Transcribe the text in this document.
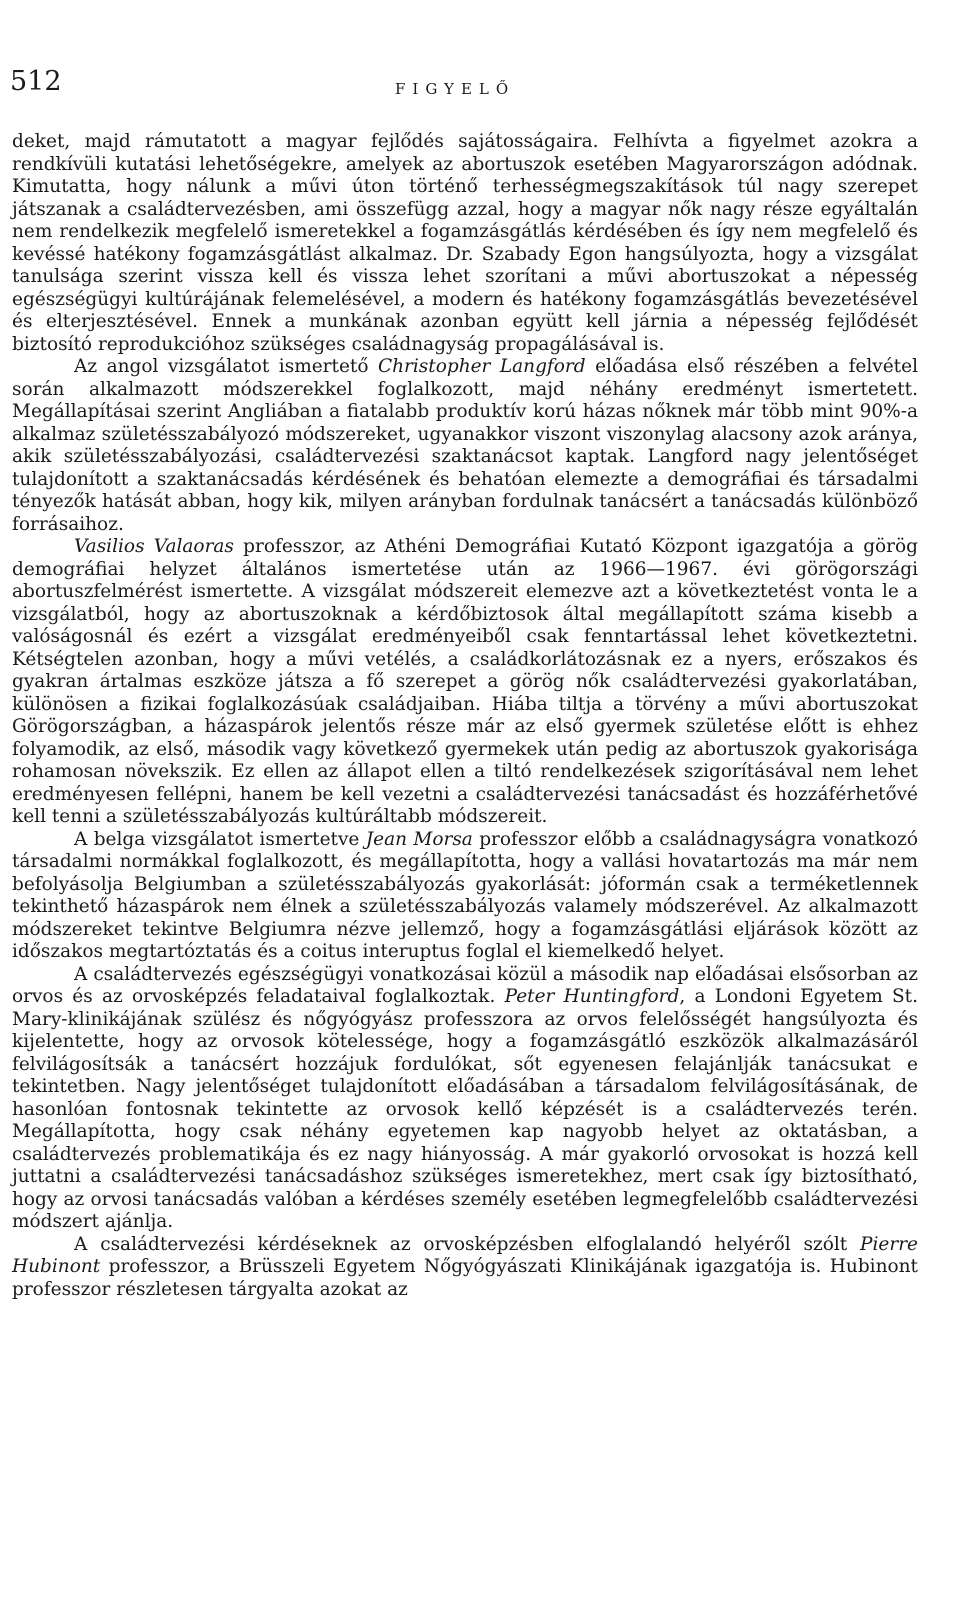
512	FIGYELŐ

deket, majd rámutatott a magyar fejlődés sajátosságaira. Felhívta a figyelmet azokra a rendkívüli kutatási lehetőségekre, amelyek az abortuszok esetében Magyarországon adódnak. Kimutatta, hogy nálunk a művi úton történő terhességmegszakítások túl nagy szerepet játszanak a családtervezésben, ami összefügg azzal, hogy a magyar nők nagy része egyáltalán nem rendelkezik megfelelő ismeretekkel a fogamzásgátlás kérdésében és így nem megfelelő és kevéssé hatékony fogamzásgátlást alkalmaz. Dr. Szabady Egon hangsúlyozta, hogy a vizsgálat tanulsága szerint vissza kell és vissza lehet szorítani a művi abortuszokat a népesség egészségügyi kultúrájának felemelésével, a modern és hatékony fogamzásgátlás bevezetésével és elterjesztésével. Ennek a munkának azonban együtt kell járnia a népesség fejlődését biztosító reprodukcióhoz szükséges családnagyság propagálásával is.

Az angol vizsgálatot ismertető Christopher Langford előadása első részében a felvétel során alkalmazott módszerekkel foglalkozott, majd néhány eredményt ismertetett. Megállapításai szerint Angliában a fiatalabb produktív korú házas nőknek már több mint 90%-a alkalmaz születésszabályozó módszereket, ugyanakkor viszont viszonylag alacsony azok aránya, akik születésszabályozási, családtervezési szaktanácsot kaptak. Langford nagy jelentőséget tulajdonított a szaktanácsadás kérdésének és behatóan elemezte a demográfiai és társadalmi tényezők hatását abban, hogy kik, milyen arányban fordulnak tanácsért a tanácsadás különböző forrásaihoz.

Vasilios Valaoras professzor, az Athéni Demográfiai Kutató Központ igazgatója a görög demográfiai helyzet általános ismertetése után az 1966—1967. évi görögországi abortuszfelmérést ismertette. A vizsgálat módszereit elemezve azt a következtetést vonta le a vizsgálatból, hogy az abortuszoknak a kérdőbiztosok által megállapított száma kisebb a valóságosnál és ezért a vizsgálat eredményeiből csak fenntartással lehet következtetni. Kétségtelen azonban, hogy a művi vetélés, a családkorlátozásnak ez a nyers, erőszakos és gyakran ártalmas eszköze játsza a fő szerepet a görög nők családtervezési gyakorlatában, különösen a fizikai foglalkozásúak családjaiban. Hiába tiltja a törvény a művi abortuszokat Görögországban, a házaspárok jelentős része már az első gyermek születése előtt is ehhez folyamodik, az első, második vagy következő gyermekek után pedig az abortuszok gyakorisága rohamosan növekszik. Ez ellen az állapot ellen a tiltó rendelkezések szigorításával nem lehet eredményesen fellépni, hanem be kell vezetni a családtervezési tanácsadást és hozzáférhetővé kell tenni a születésszabályozás kultúráltabb módszereit.

A belga vizsgálatot ismertetve Jean Morsa professzor előbb a családnagyságra vonatkozó társadalmi normákkal foglalkozott, és megállapította, hogy a vallási hovatartozás ma már nem befolyásolja Belgiumban a születésszabályozás gyakorlását: jóformán csak a terméketlennek tekinthető házaspárok nem élnek a születésszabályozás valamely módszerével. Az alkalmazott módszereket tekintve Belgiumra nézve jellemző, hogy a fogamzásgátlási eljárások között az időszakos megtartóztatás és a coitus interuptus foglal el kiemelkedő helyet.

A családtervezés egészségügyi vonatkozásai közül a második nap előadásai elsősorban az orvos és az orvosképzés feladataival foglalkoztak. Peter Huntingford, a Londoni Egyetem St. Mary-klinikájának szülész és nőgyógyász professzora az orvos felelősségét hangsúlyozta és kijelentette, hogy az orvosok kötelessége, hogy a fogamzásgátló eszközök alkalmazásáról felvilágosítsák a tanácsért hozzájuk fordulókat, sőt egyenesen felajánlják tanácsukat e tekintetben. Nagy jelentőséget tulajdonított előadásában a társadalom felvilágosításának, de hasonlóan fontosnak tekintette az orvosok kellő képzését is a családtervezés terén. Megállapította, hogy csak néhány egyetemen kap nagyobb helyet az oktatásban, a családtervezés problematikája és ez nagy hiányosság. A már gyakorló orvosokat is hozzá kell juttatni a családtervezési tanácsadáshoz szükséges ismeretekhez, mert csak így biztosítható, hogy az orvosi tanácsadás valóban a kérdéses személy esetében legmegfelelőbb családtervezési módszert ajánlja.

A családtervezési kérdéseknek az orvosképzésben elfoglalandó helyéről szólt Pierre Hubinont professzor, a Brüsszeli Egyetem Nőgyógyászati Klinikájának igazgatója is. Hubinont professzor részletesen tárgyalta azokat az
